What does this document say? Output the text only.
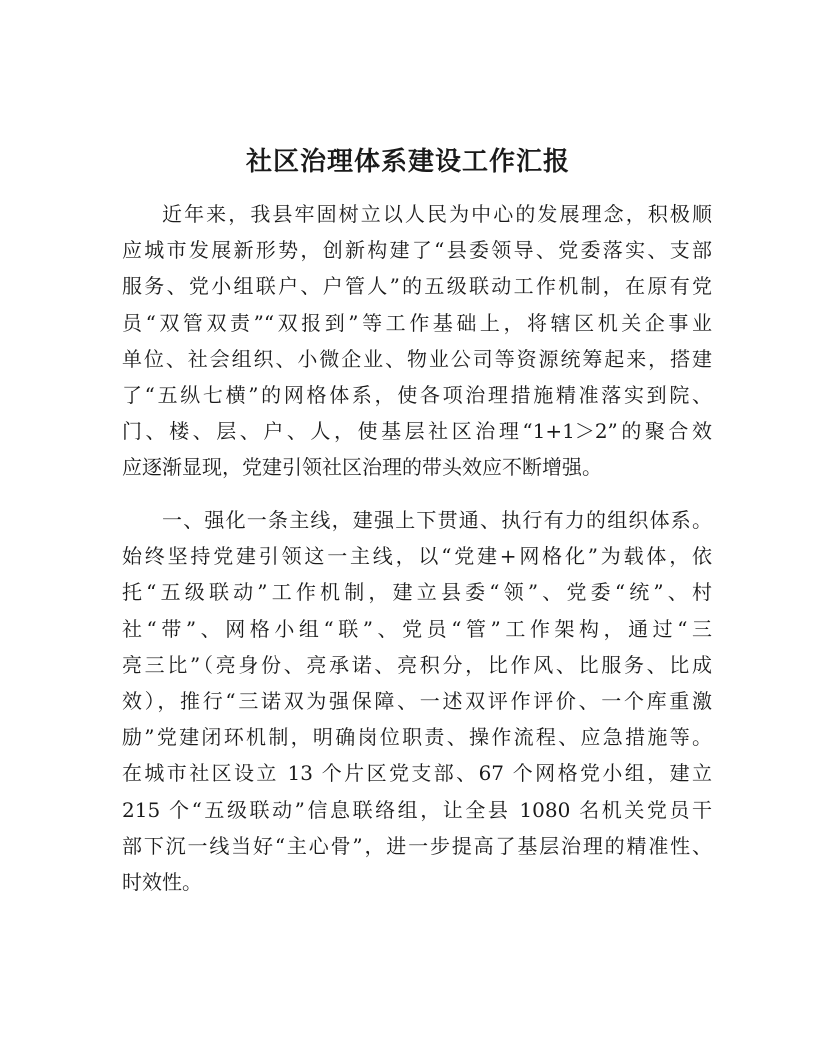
社区治理体系建设工作汇报

近年来，我县牢固树立以人民为中心的发展理念，积极顺
应城市发展新形势，创新构建了“县委领导、党委落实、支部
服务、党小组联户、户管人”的五级联动工作机制，在原有党
员“双管双责”“双报到”等工作基础上，将辖区机关企事业
单位、社会组织、小微企业、物业公司等资源统筹起来，搭建
了“五纵七横”的网格体系，使各项治理措施精准落实到院、
门、楼、层、户、人，使基层社区治理“1+1＞2”的聚合效
应逐渐显现，党建引领社区治理的带头效应不断增强。

一、强化一条主线，建强上下贯通、执行有力的组织体系。
始终坚持党建引领这一主线，以“党建+网格化”为载体，依
托“五级联动”工作机制，建立县委“领”、党委“统”、村
社“带”、网格小组“联”、党员“管”工作架构，通过“三
亮三比”（亮身份、亮承诺、亮积分，比作风、比服务、比成
效），推行“三诺双为强保障、一述双评作评价、一个库重激
励”党建闭环机制，明确岗位职责、操作流程、应急措施等。
在城市社区设立 13 个片区党支部、67 个网格党小组，建立
215 个“五级联动”信息联络组，让全县 1080 名机关党员干
部下沉一线当好“主心骨”，进一步提高了基层治理的精准性、
时效性。
